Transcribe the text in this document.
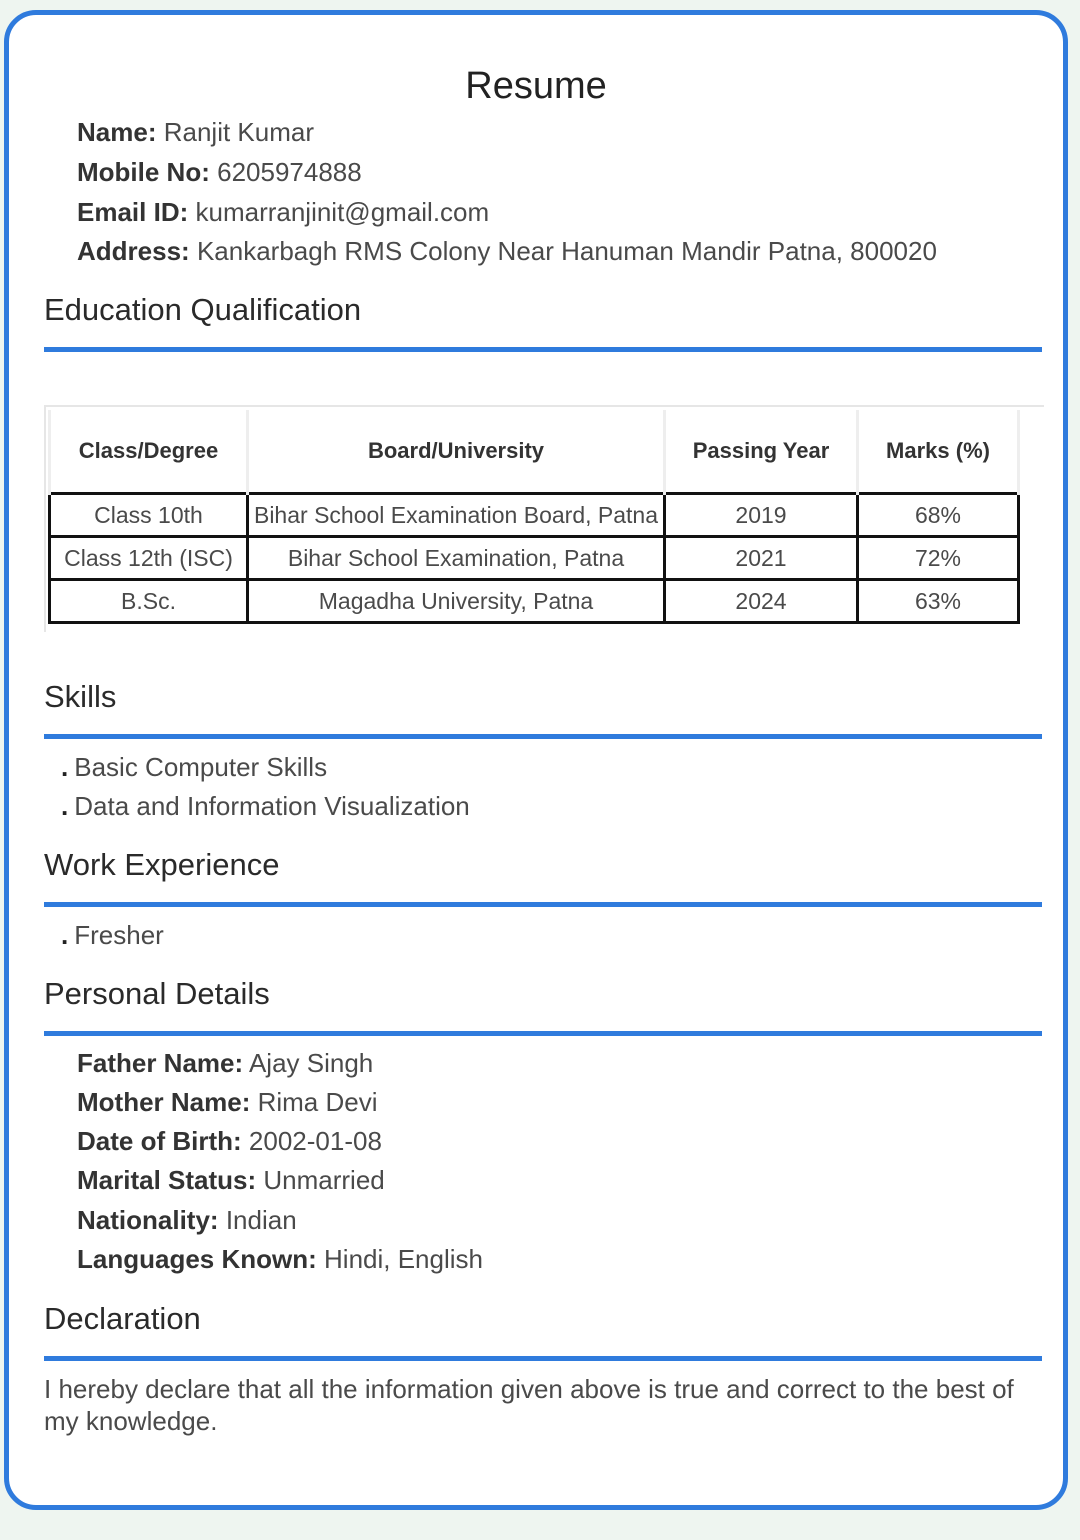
Resume
Name: Ranjit Kumar
Mobile No: 6205974888
Email ID: kumarranjinit@gmail.com
Address: Kankarbagh RMS Colony Near Hanuman Mandir Patna, 800020
Education Qualification
Class/Degree	Board/University	Passing Year	Marks (%)
Class 10th	Bihar School Examination Board, Patna	2019	68%
Class 12th (ISC)	Bihar School Examination, Patna	2021	72%
B.Sc.	Magadha University, Patna	2024	63%
Skills
. Basic Computer Skills
. Data and Information Visualization
Work Experience
. Fresher
Personal Details
Father Name: Ajay Singh
Mother Name: Rima Devi
Date of Birth: 2002-01-08
Marital Status: Unmarried
Nationality: Indian
Languages Known: Hindi, English
Declaration
I hereby declare that all the information given above is true and correct to the best of my knowledge.
